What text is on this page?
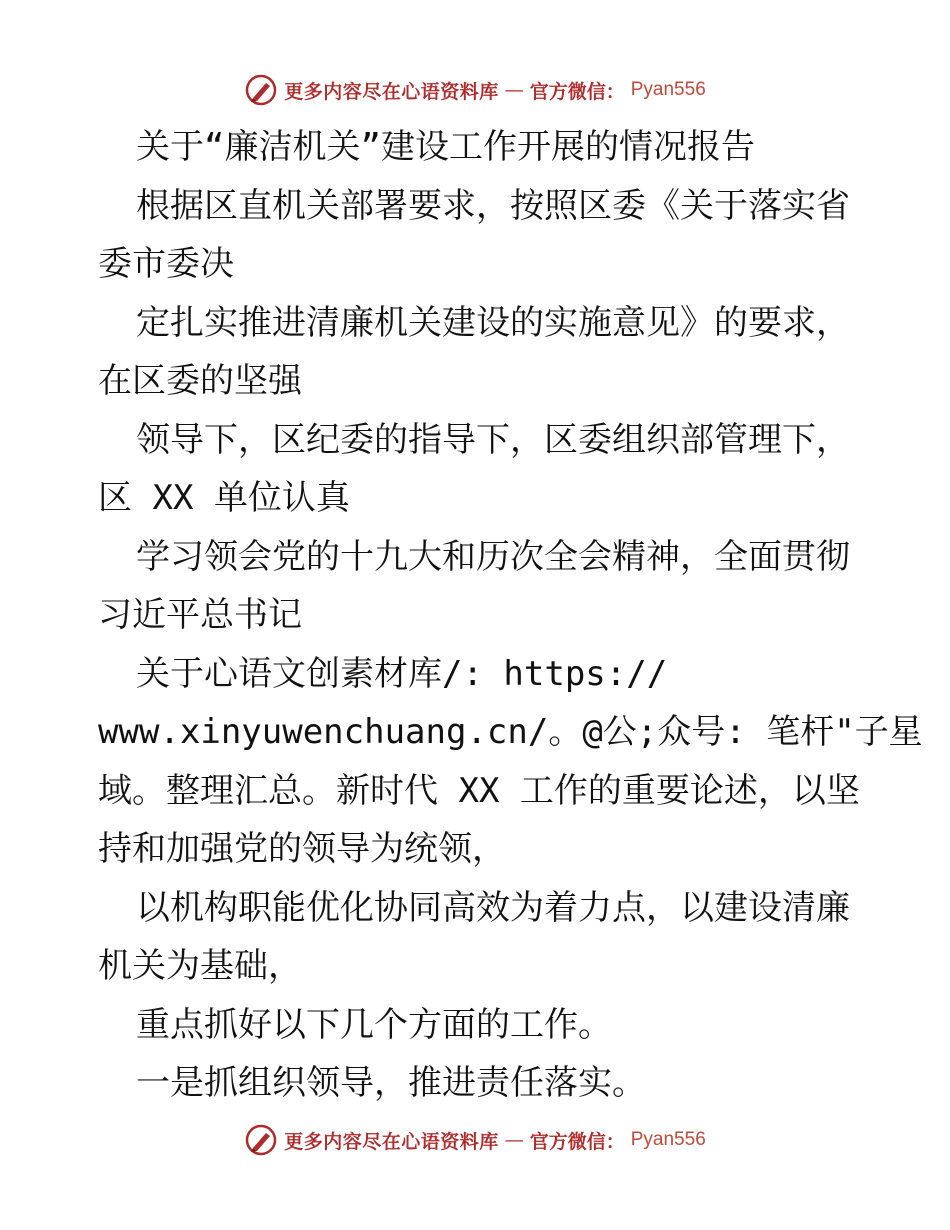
更多内容尽在心语资料库 — 官方微信： Pyan556
关于“廉洁机关”建设工作开展的情况报告
根据区直机关部署要求，按照区委《关于落实省
委市委决
定扎实推进清廉机关建设的实施意见》的要求，
在区委的坚强
领导下，区纪委的指导下，区委组织部管理下，
区 XX 单位认真
学习领会党的十九大和历次全会精神，全面贯彻
习近平总书记
关于心语文创素材库/: https://
www.xinyuwenchuang.cn/。@公;众号: 笔杆"子星
域。整理汇总。新时代 XX 工作的重要论述，以坚
持和加强党的领导为统领，
以机构职能优化协同高效为着力点，以建设清廉
机关为基础，
重点抓好以下几个方面的工作。
一是抓组织领导，推进责任落实。
更多内容尽在心语资料库 — 官方微信： Pyan556
